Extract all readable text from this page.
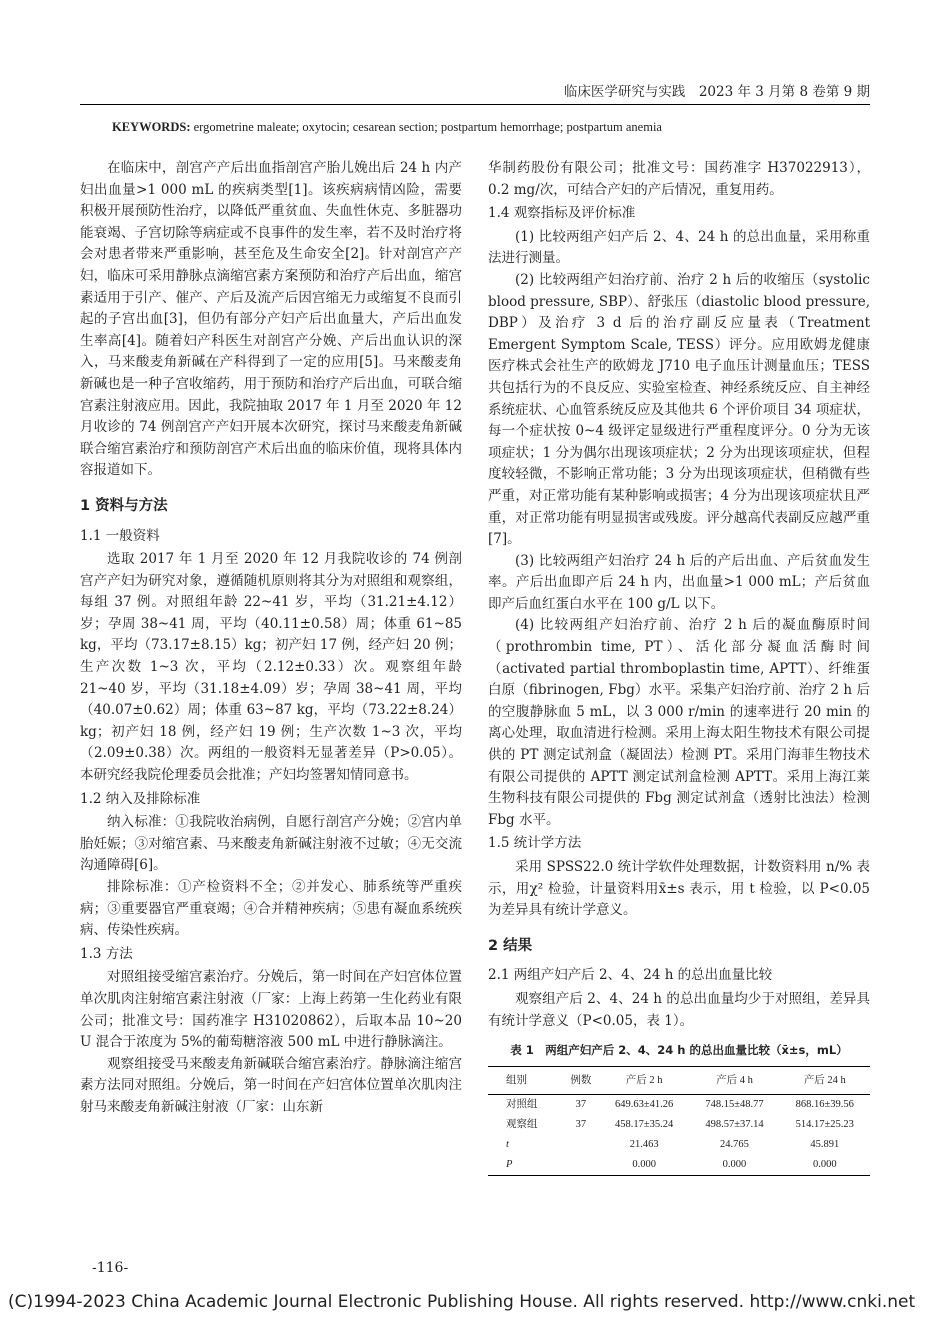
临床医学研究与实践　2023 年 3 月第 8 卷第 9 期
KEYWORDS: ergometrine maleate; oxytocin; cesarean section; postpartum hemorrhage; postpartum anemia

在临床中，剖宫产产后出血指剖宫产胎儿娩出后 24 h 内产妇出血量>1 000 mL 的疾病类型[1]。该疾病病情凶险，需要积极开展预防性治疗，以降低严重贫血、失血性休克、多脏器功能衰竭、子宫切除等病症或不良事件的发生率，若不及时治疗将会对患者带来严重影响，甚至危及生命安全[2]。针对剖宫产产妇，临床可采用静脉点滴缩宫素方案预防和治疗产后出血，缩宫素适用于引产、催产、产后及流产后因宫缩无力或缩复不良而引起的子宫出血[3]，但仍有部分产妇产后出血量大，产后出血发生率高[4]。随着妇产科医生对剖宫产分娩、产后出血认识的深入，马来酸麦角新碱在产科得到了一定的应用[5]。马来酸麦角新碱也是一种子宫收缩药，用于预防和治疗产后出血，可联合缩宫素注射液应用。因此，我院抽取 2017 年 1 月至 2020 年 12 月收诊的 74 例剖宫产产妇开展本次研究，探讨马来酸麦角新碱联合缩宫素治疗和预防剖宫产术后出血的临床价值，现将具体内容报道如下。

1 资料与方法
1.1 一般资料

选取 2017 年 1 月至 2020 年 12 月我院收诊的 74 例剖宫产产妇为研究对象，遵循随机原则将其分为对照组和观察组，每组 37 例。对照组年龄 22~41 岁，平均（31.21±4.12）岁；孕周 38~41 周，平均（40.11±0.58）周；体重 61~85 kg，平均（73.17±8.15）kg；初产妇 17 例，经产妇 20 例；生产次数 1~3 次，平均（2.12±0.33）次。观察组年龄 21~40 岁，平均（31.18±4.09）岁；孕周 38~41 周，平均（40.07±0.62）周；体重 63~87 kg，平均（73.22±8.24）kg；初产妇 18 例，经产妇 19 例；生产次数 1~3 次，平均（2.09±0.38）次。两组的一般资料无显著差异（P>0.05）。本研究经我院伦理委员会批准；产妇均签署知情同意书。

1.2 纳入及排除标准

纳入标准：①我院收治病例，自愿行剖宫产分娩；②宫内单胎妊娠；③对缩宫素、马来酸麦角新碱注射液不过敏；④无交流沟通障碍[6]。

排除标准：①产检资料不全；②并发心、肺系统等严重疾病；③重要器官严重衰竭；④合并精神疾病；⑤患有凝血系统疾病、传染性疾病。

1.3 方法

对照组接受缩宫素治疗。分娩后，第一时间在产妇宫体位置单次肌肉注射缩宫素注射液（厂家：上海上药第一生化药业有限公司；批准文号：国药准字 H31020862），后取本品 10~20 U 混合于浓度为 5%的葡萄糖溶液 500 mL 中进行静脉滴注。

观察组接受马来酸麦角新碱联合缩宫素治疗。静脉滴注缩宫素方法同对照组。分娩后，第一时间在产妇宫体位置单次肌肉注射马来酸麦角新碱注射液（厂家：山东新

华制药股份有限公司；批准文号：国药准字 H37022913），0.2 mg/次，可结合产妇的产后情况，重复用药。

1.4 观察指标及评价标准

(1) 比较两组产妇产后 2、4、24 h 的总出血量，采用称重法进行测量。

(2) 比较两组产妇治疗前、治疗 2 h 后的收缩压（systolic blood pressure, SBP）、舒张压（diastolic blood pressure, DBP）及治疗 3 d 后的治疗副反应量表（Treatment Emergent Symptom Scale, TESS）评分。应用欧姆龙健康医疗株式会社生产的欧姆龙 J710 电子血压计测量血压；TESS 共包括行为的不良反应、实验室检查、神经系统反应、自主神经系统症状、心血管系统反应及其他共 6 个评价项目 34 项症状，每一个症状按 0~4 级评定显级进行严重程度评分。0 分为无该项症状；1 分为偶尔出现该项症状；2 分为出现该项症状，但程度较轻微，不影响正常功能；3 分为出现该项症状，但稍微有些严重，对正常功能有某种影响或损害；4 分为出现该项症状且严重，对正常功能有明显损害或残废。评分越高代表副反应越严重[7]。

(3) 比较两组产妇治疗 24 h 后的产后出血、产后贫血发生率。产后出血即产后 24 h 内，出血量>1 000 mL；产后贫血即产后血红蛋白水平在 100 g/L 以下。

(4) 比较两组产妇治疗前、治疗 2 h 后的凝血酶原时间（prothrombin time, PT）、活化部分凝血活酶时间（activated partial thromboplastin time, APTT）、纤维蛋白原（fibrinogen, Fbg）水平。采集产妇治疗前、治疗 2 h 后的空腹静脉血 5 mL，以 3 000 r/min 的速率进行 20 min 的离心处理，取血清进行检测。采用上海太阳生物技术有限公司提供的 PT 测定试剂盒（凝固法）检测 PT。采用门海菲生物技术有限公司提供的 APTT 测定试剂盒检测 APTT。采用上海江莱生物科技有限公司提供的 Fbg 测定试剂盒（透射比浊法）检测 Fbg 水平。

1.5 统计学方法

采用 SPSS22.0 统计学软件处理数据，计数资料用 n/% 表示，用χ² 检验，计量资料用x̄±s 表示，用 t 检验，以 P<0.05 为差异具有统计学意义。

2 结果
2.1 两组产妇产后 2、4、24 h 的总出血量比较

观察组产后 2、4、24 h 的总出血量均少于对照组，差异具有统计学意义（P<0.05，表 1）。

表 1　两组产妇产后 2、4、24 h 的总出血量比较（x̄±s，mL）
组别	例数	产后 2 h	产后 4 h	产后 24 h
对照组	37	649.63±41.26	748.15±48.77	868.16±39.56
观察组	37	458.17±35.24	498.57±37.14	514.17±25.23
t		21.463	24.765	45.891
P		0.000	0.000	0.000
-116-
(C)1994-2023 China Academic Journal Electronic Publishing House. All rights reserved. http://www.cnki.net
